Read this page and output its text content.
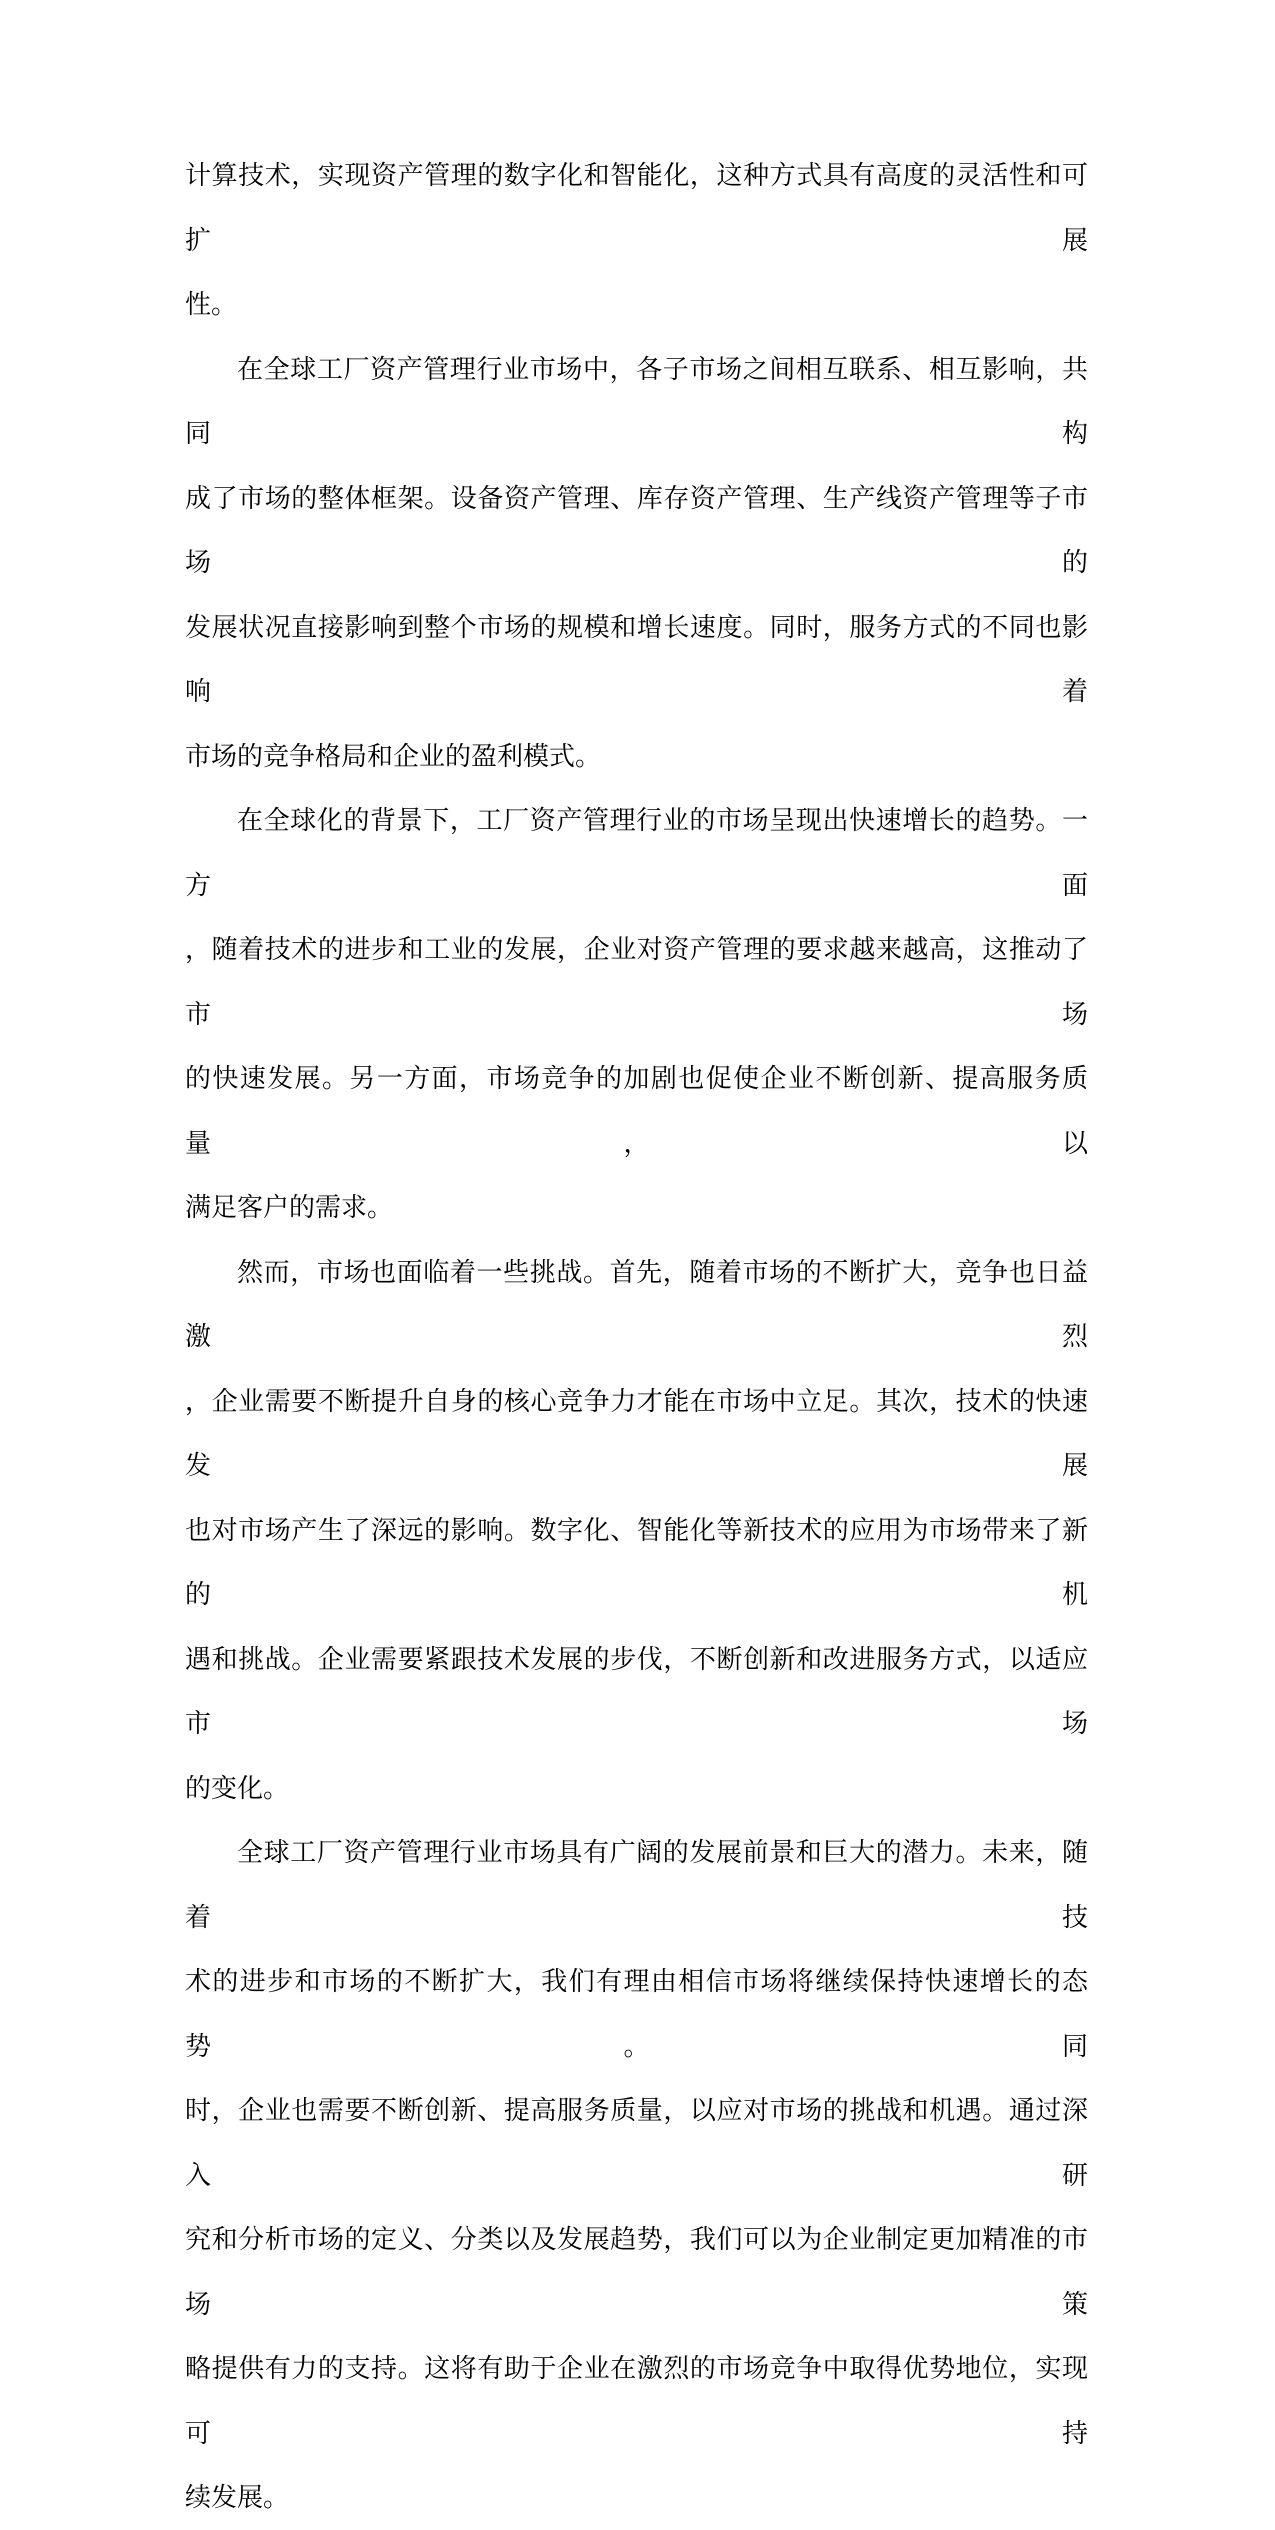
计算技术，实现资产管理的数字化和智能化，这种方式具有高度的灵活性和可扩展
性。
在全球工厂资产管理行业市场中，各子市场之间相互联系、相互影响，共同构
成了市场的整体框架。设备资产管理、库存资产管理、生产线资产管理等子市场的
发展状况直接影响到整个市场的规模和增长速度。同时，服务方式的不同也影响着
市场的竞争格局和企业的盈利模式。
在全球化的背景下，工厂资产管理行业的市场呈现出快速增长的趋势。一方面
，随着技术的进步和工业的发展，企业对资产管理的要求越来越高，这推动了市场
的快速发展。另一方面，市场竞争的加剧也促使企业不断创新、提高服务质量，以
满足客户的需求。
然而，市场也面临着一些挑战。首先，随着市场的不断扩大，竞争也日益激烈
，企业需要不断提升自身的核心竞争力才能在市场中立足。其次，技术的快速发展
也对市场产生了深远的影响。数字化、智能化等新技术的应用为市场带来了新的机
遇和挑战。企业需要紧跟技术发展的步伐，不断创新和改进服务方式，以适应市场
的变化。
全球工厂资产管理行业市场具有广阔的发展前景和巨大的潜力。未来，随着技
术的进步和市场的不断扩大，我们有理由相信市场将继续保持快速增长的态势。同
时，企业也需要不断创新、提高服务质量，以应对市场的挑战和机遇。通过深入研
究和分析市场的定义、分类以及发展趋势，我们可以为企业制定更加精准的市场策
略提供有力的支持。这将有助于企业在激烈的市场竞争中取得优势地位，实现可持
续发展。
